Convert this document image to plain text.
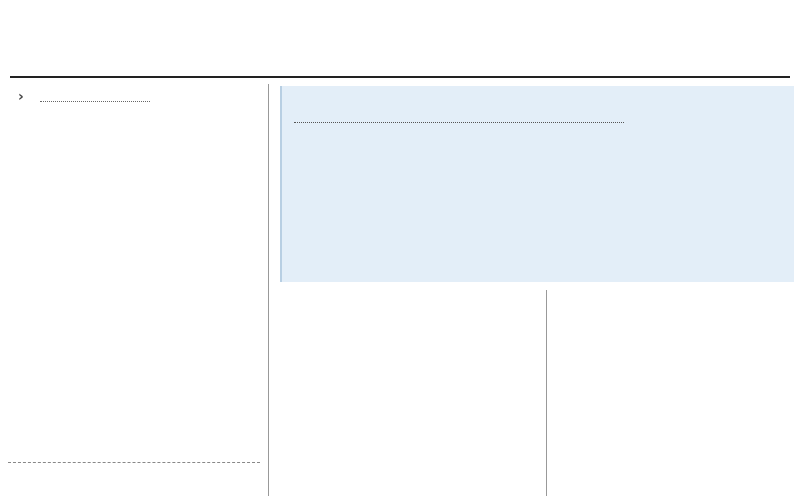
›
